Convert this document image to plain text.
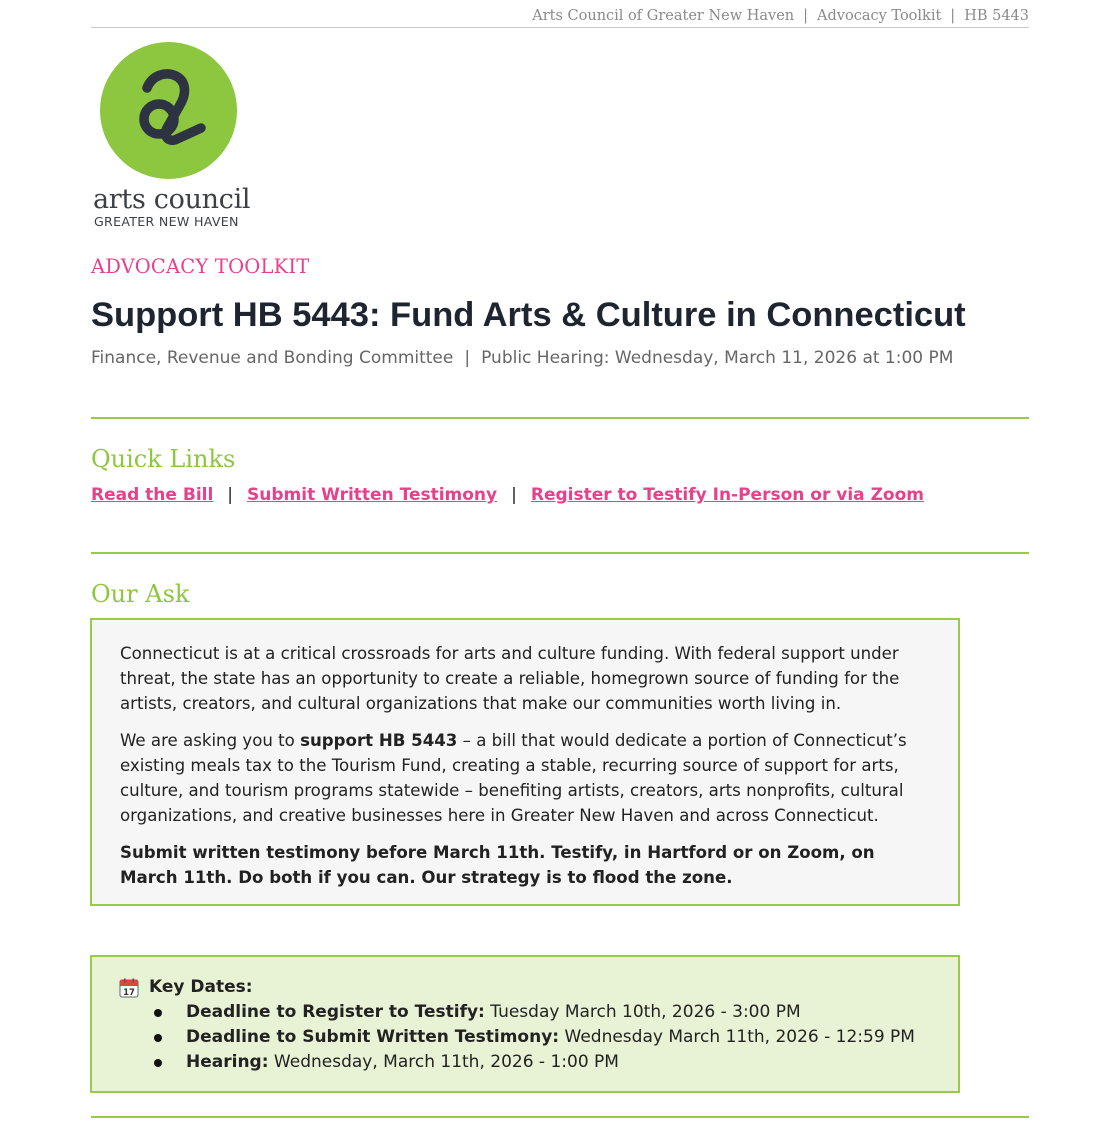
Arts Council of Greater New Haven | Advocacy Toolkit | HB 5443
arts council
GREATER NEW HAVEN
ADVOCACY TOOLKIT
Support HB 5443: Fund Arts & Culture in Connecticut
Finance, Revenue and Bonding Committee | Public Hearing: Wednesday, March 11, 2026 at 1:00 PM
Quick Links
Read the Bill | Submit Written Testimony | Register to Testify In-Person or via Zoom
Our Ask

Connecticut is at a critical crossroads for arts and culture funding. With federal support under threat, the state has an opportunity to create a reliable, homegrown source of funding for the artists, creators, and cultural organizations that make our communities worth living in.

We are asking you to support HB 5443 – a bill that would dedicate a portion of Connecticut’s existing meals tax to the Tourism Fund, creating a stable, recurring source of support for arts, culture, and tourism programs statewide – benefiting artists, creators, arts nonprofits, cultural organizations, and creative businesses here in Greater New Haven and across Connecticut.

Submit written testimony before March 11th. Testify, in Hartford or on Zoom, on March 11th. Do both if you can. Our strategy is to flood the zone.

17 Key Dates:
Deadline to Register to Testify: Tuesday March 10th, 2026 - 3:00 PM
Deadline to Submit Written Testimony: Wednesday March 11th, 2026 - 12:59 PM
Hearing: Wednesday, March 11th, 2026 - 1:00 PM
